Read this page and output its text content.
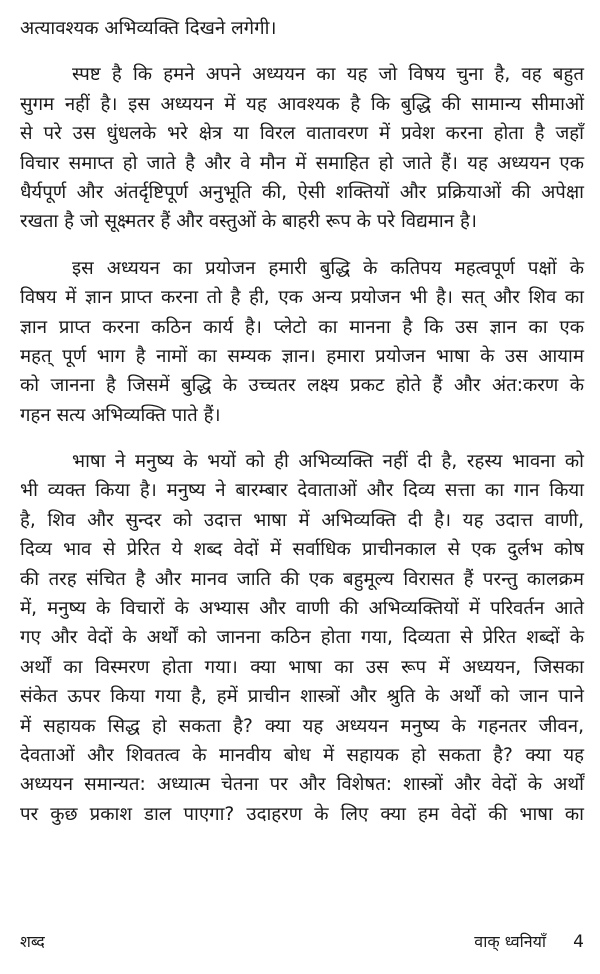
अत्यावश्यक अभिव्यक्ति दिखने लगेगी।
स्पष्ट है कि हमने अपने अध्ययन का यह जो विषय चुना है, वह बहुत
सुगम नहीं है। इस अध्ययन में यह आवश्यक है कि बुद्धि की सामान्य सीमाओं
से परे उस धुंधलके भरे क्षेत्र या विरल वातावरण में प्रवेश करना होता है जहाँ
विचार समाप्त हो जाते है और वे मौन में समाहित हो जाते हैं। यह अध्ययन एक
धैर्यपूर्ण और अंतर्दृष्टिपूर्ण अनुभूति की, ऐसी शक्तियों और प्रक्रियाओं की अपेक्षा
रखता है जो सूक्ष्मतर हैं और वस्तुओं के बाहरी रूप के परे विद्यमान है।
इस अध्ययन का प्रयोजन हमारी बुद्धि के कतिपय महत्वपूर्ण पक्षों के
विषय में ज्ञान प्राप्त करना तो है ही, एक अन्य प्रयोजन भी है। सत् और शिव का
ज्ञान प्राप्त करना कठिन कार्य है। प्लेटो का मानना है कि उस ज्ञान का एक
महत् पूर्ण भाग है नामों का सम्यक ज्ञान। हमारा प्रयोजन भाषा के उस आयाम
को जानना है जिसमें बुद्धि के उच्चतर लक्ष्य प्रकट होते हैं और अंत:करण के
गहन सत्य अभिव्यक्ति पाते हैं।
भाषा ने मनुष्य के भयों को ही अभिव्यक्ति नहीं दी है, रहस्य भावना को
भी व्यक्त किया है। मनुष्य ने बारम्बार देवाताओं और दिव्य सत्ता का गान किया
है, शिव और सुन्दर को उदात्त भाषा में अभिव्यक्ति दी है। यह उदात्त वाणी,
दिव्य भाव से प्रेरित ये शब्द वेदों में सर्वाधिक प्राचीनकाल से एक दुर्लभ कोष
की तरह संचित है और मानव जाति की एक बहुमूल्य विरासत हैं परन्तु कालक्रम
में, मनुष्य के विचारों के अभ्यास और वाणी की अभिव्यक्तियों में परिवर्तन आते
गए और वेदों के अर्थों को जानना कठिन होता गया, दिव्यता से प्रेरित शब्दों के
अर्थों का विस्मरण होता गया। क्या भाषा का उस रूप में अध्ययन, जिसका
संकेत ऊपर किया गया है, हमें प्राचीन शास्त्रों और श्रुति के अर्थों को जान पाने
में सहायक सिद्ध हो सकता है? क्या यह अध्ययन मनुष्य के गहनतर जीवन,
देवताओं और शिवतत्व के मानवीय बोध में सहायक हो सकता है? क्या यह
अध्ययन समान्यत: अध्यात्म चेतना पर और विशेषत: शास्त्रों और वेदों के अर्थों
पर कुछ प्रकाश डाल पाएगा? उदाहरण के लिए क्या हम वेदों की भाषा का
शब्द	वाक् ध्वनियाँ 4
